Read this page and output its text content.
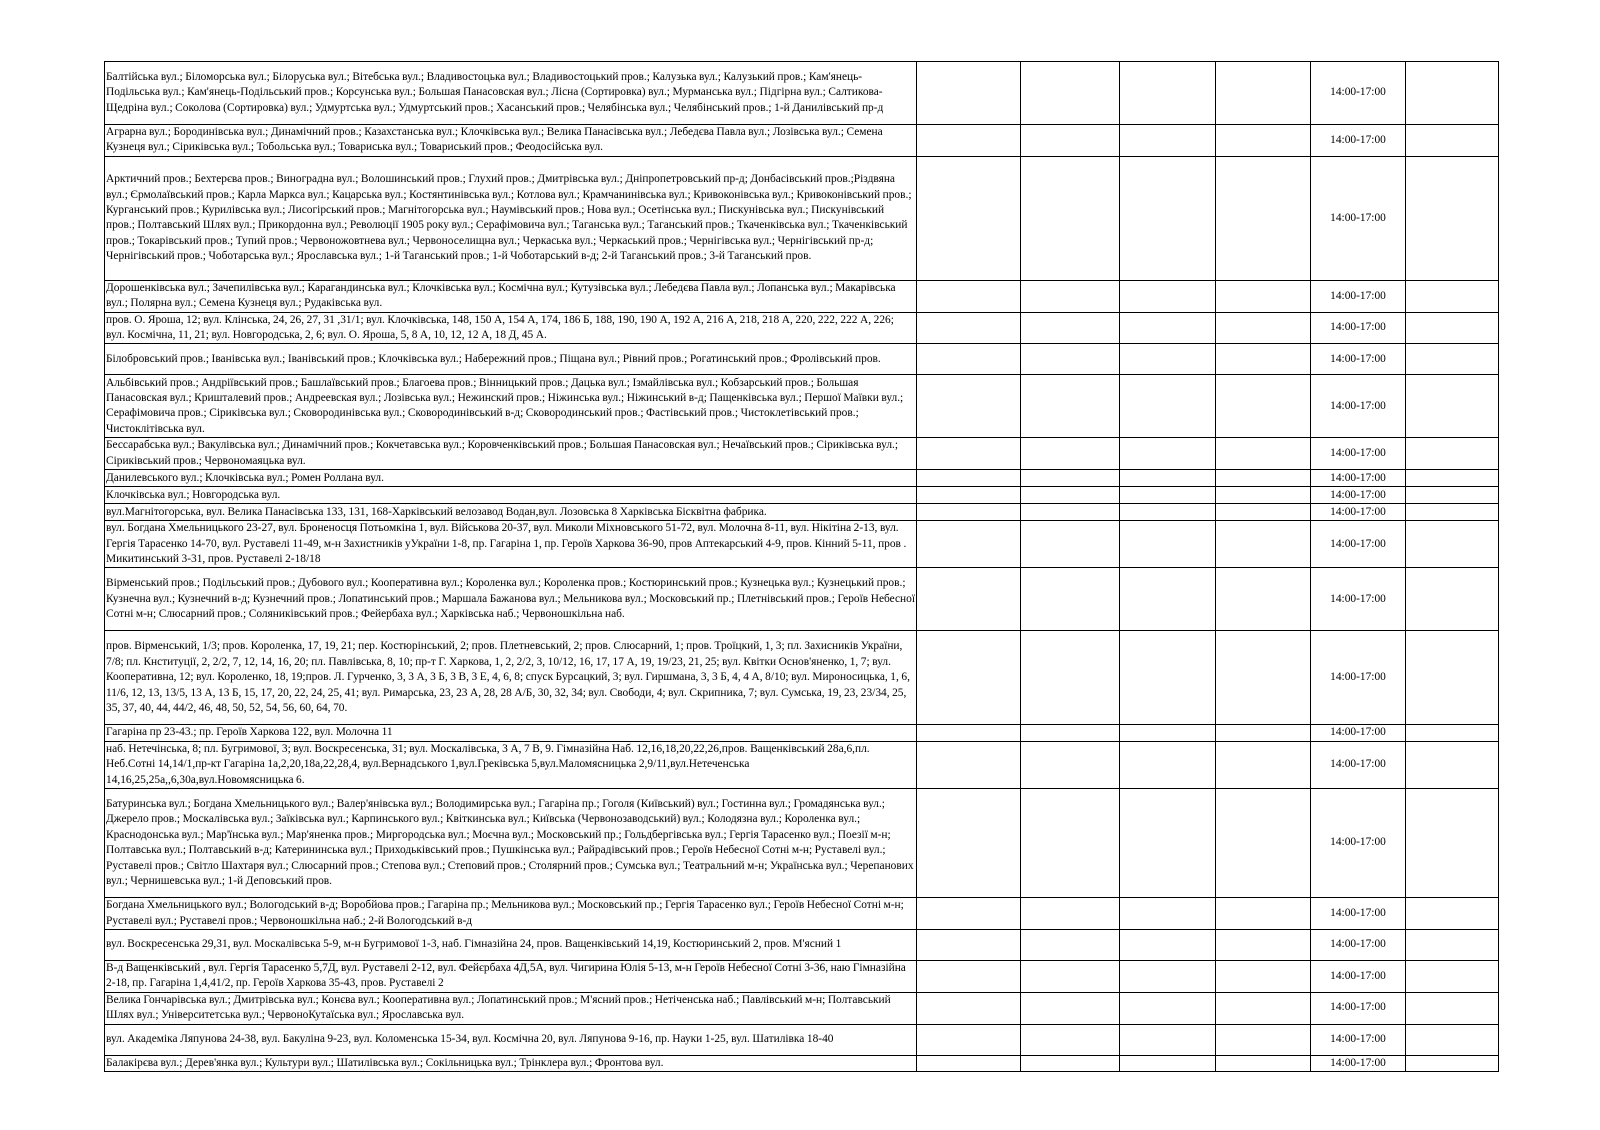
Балтійська вул.; Біломорська вул.; Білоруська вул.; Вітебська вул.; Владивостоцька вул.; Владивостоцький пров.; Калузька вул.; Калузький пров.; Кам'янець-Подільська вул.; Кам'янець-Подільський пров.; Корсунська вул.; Большая Панасовская вул.; Лісна (Сортировка) вул.; Мурманська вул.; Підгірна вул.; Салтикова-Щедріна вул.; Соколова (Сортировка) вул.; Удмуртська вул.; Удмуртський пров.; Хасанський пров.; Челябінська вул.; Челябінський пров.; 1-й Данилівський пр-д					14:00-17:00	
Аграрна вул.; Бородинівська вул.; Динамічний пров.; Казахстанська вул.; Клочківська вул.; Велика Панасівська вул.; Лебедєва Павла вул.; Лозівська вул.; Семена Кузнеця вул.; Сіриківська вул.; Тобольська вул.; Товариська вул.; Товариський пров.; Феодосійська вул.					14:00-17:00	
Арктичний пров.; Бехтерєва пров.; Виноградна вул.; Волошинський пров.; Глухий пров.; Дмитрівська вул.; Дніпропетровський пр-д; Донбасівський пров.;Різдвяна вул.; Єрмолаївський пров.; Карла Маркса вул.; Кацарська вул.; Костянтинівська вул.; Котлова вул.; Крамчанинівська вул.; Кривоконівська вул.; Кривоконівський пров.; Курганський пров.; Курилівська вул.; Лисогірський пров.; Магнітогорська вул.; Наумівський пров.; Нова вул.; Осетінська вул.; Пискунівська вул.; Пискунівський пров.; Полтавський Шлях вул.; Прикордонна вул.; Революції 1905 року вул.; Серафімовича вул.; Таганська вул.; Таганський пров.; Ткаченківська вул.; Ткаченківський пров.; Токарівський пров.; Тупий пров.; Червоножовтнева вул.; Червоноселищна вул.; Черкаська вул.; Черкаський пров.; Чернігівська вул.; Чернігівський пр-д; Чернігівський пров.; Чоботарська вул.; Ярославська вул.; 1-й Таганський пров.; 1-й Чоботарський в-д; 2-й Таганський пров.; 3-й Таганський пров.					14:00-17:00	
Дорошенківська вул.; Зачепилівська вул.; Карагандинська вул.; Клочківська вул.; Космічна вул.; Кутузівська вул.; Лебедєва Павла вул.; Лопанська вул.; Макарівська вул.; Полярна вул.; Семена Кузнеця вул.; Рудаківська вул.					14:00-17:00	
пров. О. Яроша, 12; вул. Клінська, 24, 26, 27, 31 ,31/1; вул. Клочківська, 148, 150 А, 154 А, 174, 186 Б, 188, 190, 190 А, 192 А, 216 А, 218, 218 А, 220, 222, 222 А, 226; вул. Космічна, 11, 21; вул. Новгородська, 2, 6; вул. О. Яроша, 5, 8 А, 10, 12, 12 А, 18 Д, 45 А.					14:00-17:00	
Білобровський пров.; Іванівська вул.; Іванівський пров.; Клочківська вул.; Набережний пров.; Піщана вул.; Рівний пров.; Рогатинський пров.; Фролівський пров.					14:00-17:00	
Альбівський пров.; Андріївський пров.; Башлаївський пров.; Благоева пров.; Вінницький пров.; Дацька вул.; Ізмайлівська вул.; Кобзарський пров.; Большая Панасовская вул.; Кришталевий пров.; Андреевская вул.; Лозівська вул.; Нежинский пров.; Ніжинська вул.; Ніжинський в-д; Пащенківська вул.; Першої Маївки вул.; Серафімовича пров.; Сіриківська вул.; Сковородинівська вул.; Сковородинівський в-д; Сковородинський пров.; Фастівський пров.; Чистоклетівський пров.; Чистоклітівська вул.					14:00-17:00	
Бессарабська вул.; Вакулівська вул.; Динамічний пров.; Кокчетавська вул.; Коровченківський пров.; Большая Панасовская вул.; Нечаївський пров.; Сіриківська вул.; Сіриківський пров.; Червономаяцька вул.					14:00-17:00	
Данилевського вул.; Клочківська вул.; Ромен Роллана вул.					14:00-17:00	
Клочківська вул.; Новгородська вул.					14:00-17:00	
вул.Магнітогорська, вул. Велика Панасівська 133, 131, 168-Харківський велозавод Водан,вул. Лозовська 8 Харківська Бісквітна фабрика.					14:00-17:00	
вул. Богдана Хмельницького 23-27, вул. Броненосця Потьомкіна 1, вул. Військова 20-37, вул. Миколи Міхновського 51-72, вул. Молочна 8-11, вул. Нікітіна 2-13, вул. Гергія Тарасенко 14-70, вул. Руставелі 11-49, м-н Захистників уУкраїни 1-8, пр. Гагаріна 1, пр. Героїв Харкова 36-90, пров Аптекарський 4-9, пров. Кінний 5-11, пров . Микитинський 3-31, пров. Руставелі 2-18/18					14:00-17:00	
Вірменський пров.; Подільський пров.; Дубового вул.; Кооперативна вул.; Короленка вул.; Короленка пров.; Костюринський пров.; Кузнецька вул.; Кузнецький пров.; Кузнечна вул.; Кузнечний в-д; Кузнечний пров.; Лопатинський пров.; Маршала Бажанова вул.; Мельникова вул.; Московський пр.; Плетнівський пров.; Героїв Небесної Сотні м-н; Слюсарний пров.; Соляниківський пров.; Фейербаха вул.; Харківська наб.; Червоношкільна наб.					14:00-17:00	
пров. Вірменський, 1/3; пров. Короленка, 17, 19, 21; пер. Костюрінський, 2; пров. Плетневський, 2; пров. Слюсарний, 1; пров. Троїцкий, 1, 3; пл. Захисників України, 7/8; пл. Кнституції, 2, 2/2, 7, 12, 14, 16, 20; пл. Павлівська, 8, 10; пр-т Г. Харкова, 1, 2, 2/2, 3, 10/12, 16, 17, 17 А, 19, 19/23, 21, 25; вул. Квітки Основ'яненко, 1, 7; вул. Кооперативна, 12; вул. Короленко, 18, 19;пров. Л. Гурченко, 3, 3 А, 3 Б, 3 В, 3 Е, 4, 6, 8; спуск Бурсацкий, 3; вул. Гиршмана, 3, 3 Б, 4, 4 А, 8/10; вул. Мироносицька, 1, 6, 11/6, 12, 13, 13/5, 13 А, 13 Б, 15, 17, 20, 22, 24, 25, 41; вул. Римарська, 23, 23 А, 28, 28 А/Б, 30, 32, 34; вул. Свободи, 4; вул. Скрипника, 7; вул. Сумська, 19, 23, 23/34, 25, 35, 37, 40, 44, 44/2, 46, 48, 50, 52, 54, 56, 60, 64, 70.					14:00-17:00	
Гагаріна пр 23-43.; пр. Героїв Харкова 122, вул. Молочна 11					14:00-17:00	
наб. Нетечінська, 8; пл. Бугримової, 3; вул. Воскресенська, 31; вул. Москалівська, 3 А, 7 В, 9. Гімназійна Наб. 12,16,18,20,22,26,пров. Ващенківський 28а,6,пл. Неб.Сотні 14,14/1,пр-кт Гагаріна 1а,2,20,18а,22,28,4, вул.Вернадського 1,вул.Греківська 5,вул.Маломясницька 2,9/11,вул.Нетеченська 14,16,25,25а,,6,30а,вул.Новомясницька 6.					14:00-17:00	
Батуринська вул.; Богдана Хмельницького вул.; Валер'янівська вул.; Володимирська вул.; Гагаріна пр.; Гоголя (Київський) вул.; Гостинна вул.; Громадянська вул.; Джерело пров.; Москалівська вул.; Заїківська вул.; Карпинського вул.; Квіткинська вул.; Київська (Червонозаводський) вул.; Колодязна вул.; Короленка вул.; Краснодонська вул.; Мар'їнська вул.; Мар'яненка пров.; Миргородська вул.; Моєчна вул.; Московський пр.; Гольдбергівська вул.; Гергія Тарасенко вул.; Поезії м-н; Полтавська вул.; Полтавський в-д; Катерининська вул.; Приходьківський пров.; Пушкінська вул.; Райрадівський пров.; Героїв Небесної Сотні м-н; Руставелі вул.; Руставелі пров.; Світло Шахтаря вул.; Слюсарний пров.; Степова вул.; Степовий пров.; Столярний пров.; Сумська вул.; Театральний м-н; Українська вул.; Черепанових вул.; Чернишевська вул.; 1-й Деповський пров.					14:00-17:00	
Богдана Хмельницького вул.; Вологодський в-д; Воробйова пров.; Гагаріна пр.; Мельникова вул.; Московський пр.; Гергія Тарасенко вул.; Героїв Небесної Сотні м-н; Руставелі вул.; Руставелі пров.; Червоношкільна наб.; 2-й Вологодський в-д					14:00-17:00	
вул. Воскресенська 29,31, вул. Москалівська 5-9, м-н Бугримової 1-3, наб. Гімназійна 24, пров. Ващенківський 14,19, Костюринський 2, пров. М'ясний 1					14:00-17:00	
В-д Ващенківський , вул. Гергія Тарасенко 5,7Д, вул. Руставелі 2-12, вул. Фейєрбаха 4Д,5А, вул. Чигирина Юлія 5-13, м-н Героїв Небесної Сотні 3-36, наю Гімназійна 2-18, пр. Гагаріна 1,4,41/2, пр. Героїв Харкова 35-43, пров. Руставелі 2					14:00-17:00	
Велика Гончарівська вул.; Дмитрівська вул.; Конєва вул.; Кооперативна вул.; Лопатинський пров.; М'ясний пров.; Нетіченська наб.; Павлівський м-н; Полтавський Шлях вул.; Університетська вул.; ЧервоноКутаїська вул.; Ярославська вул.					14:00-17:00	
вул. Академіка Ляпунова 24-38, вул. Бакуліна 9-23, вул. Коломенська 15-34, вул. Космічна 20, вул. Ляпунова 9-16, пр. Науки 1-25, вул. Шатилівка 18-40					14:00-17:00	
Балакірєва вул.; Дерев'янка вул.; Культури вул.; Шатилівська вул.; Сокільницька вул.; Трінклера вул.; Фронтова вул.					14:00-17:00	
